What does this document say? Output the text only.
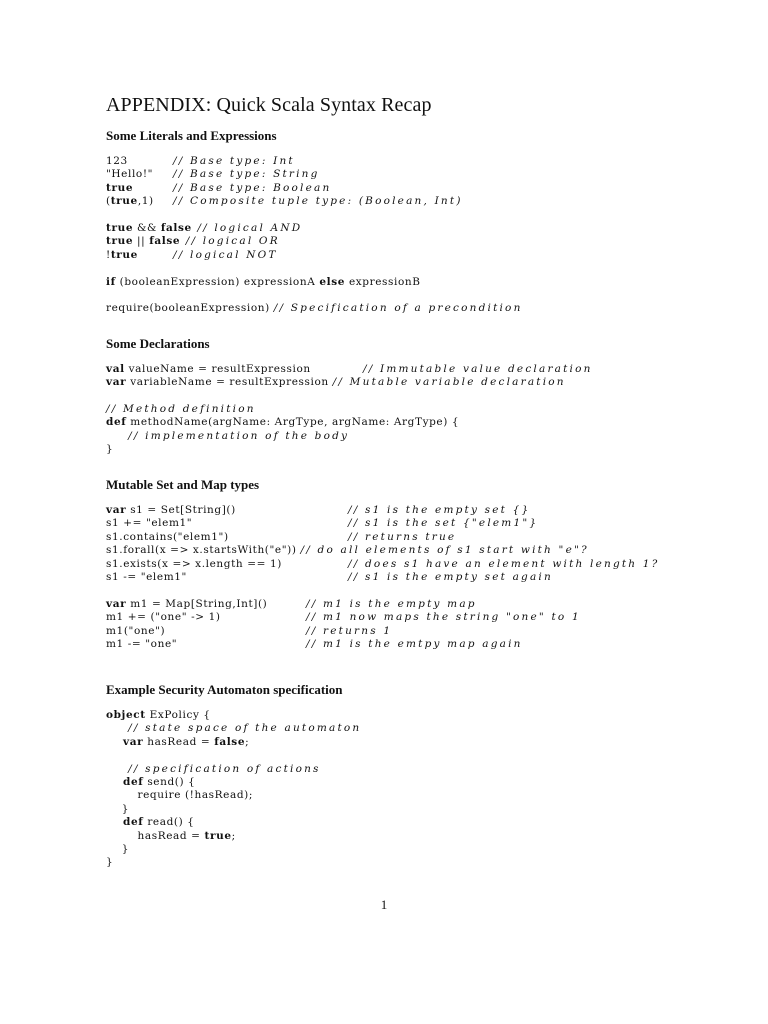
APPENDIX: Quick Scala Syntax Recap
Some Literals and Expressions
123	// Base type: Int
"Hello!" // Base type: String
true	// Base type: Boolean
(true,1) // Composite tuple type: (Boolean, Int)
true && false // logical AND
true || false // logical OR
!true	// logical NOT
if (booleanExpression) expressionA else expressionB
require(booleanExpression) // Specification of a precondition
Some Declarations
val valueName = resultExpression	// Immutable value declaration
var variableName = resultExpression // Mutable variable declaration
// Method definition
def methodName(argName: ArgType, argName: ArgType) {
// implementation of the body
}
Mutable Set and Map types
var s1 = Set[String]()	// s1 is the empty set {}
s1 += "elem1"	// s1 is the set {"elem1"}
s1.contains("elem1")	// returns true
s1.forall(x => x.startsWith("e")) // do all elements of s1 start with "e"?
s1.exists(x => x.length == 1)	// does s1 have an element with length 1?
s1 -= "elem1"	// s1 is the empty set again
var m1 = Map[String,Int]()	// m1 is the empty map
m1 += ("one" -> 1)	// m1 now maps the string "one" to 1
m1("one")	// returns 1
m1 -= "one"	// m1 is the emtpy map again
Example Security Automaton specification
object ExPolicy {
// state space of the automaton
var hasRead = false;

// specification of actions
def send() {
require (!hasRead);
}
def read() {
hasRead = true;
}
}
1
